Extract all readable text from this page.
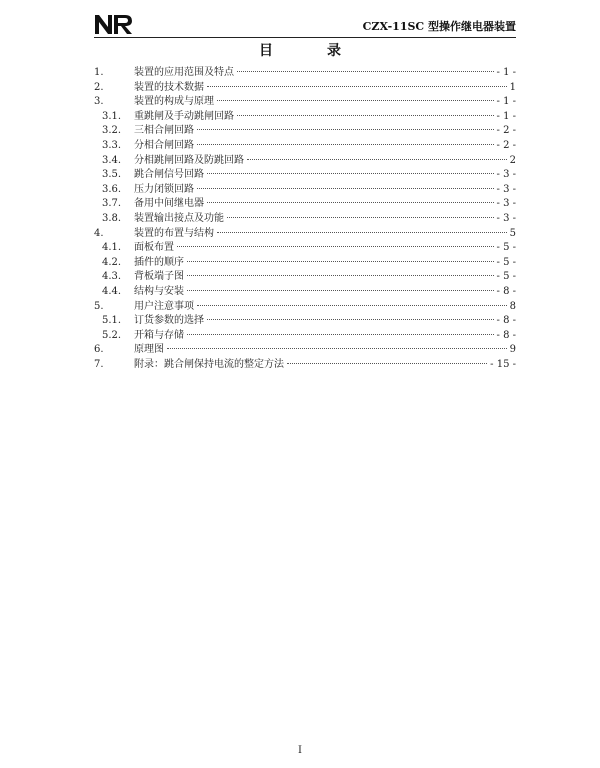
CZX-11SC 型操作继电器装置
目录
1.	装置的应用范围及特点	- 1 -
2.	装置的技术数据	1
3.	装置的构成与原理	- 1 -
3.1.	重跳闸及手动跳闸回路	- 1 -
3.2.	三相合闸回路	- 2 -
3.3.	分相合闸回路	- 2 -
3.4.	分相跳闸回路及防跳回路	2
3.5.	跳合闸信号回路	- 3 -
3.6.	压力闭锁回路	- 3 -
3.7.	备用中间继电器	- 3 -
3.8.	装置输出接点及功能	- 3 -
4.	装置的布置与结构	5
4.1.	面板布置	- 5 -
4.2.	插件的顺序	- 5 -
4.3.	背板端子图	- 5 -
4.4.	结构与安装	- 8 -
5.	用户注意事项	8
5.1.	订货参数的选择	- 8 -
5.2.	开箱与存储	- 8 -
6.	原理图	9
7.	附录：跳合闸保持电流的整定方法	- 15 -
I
